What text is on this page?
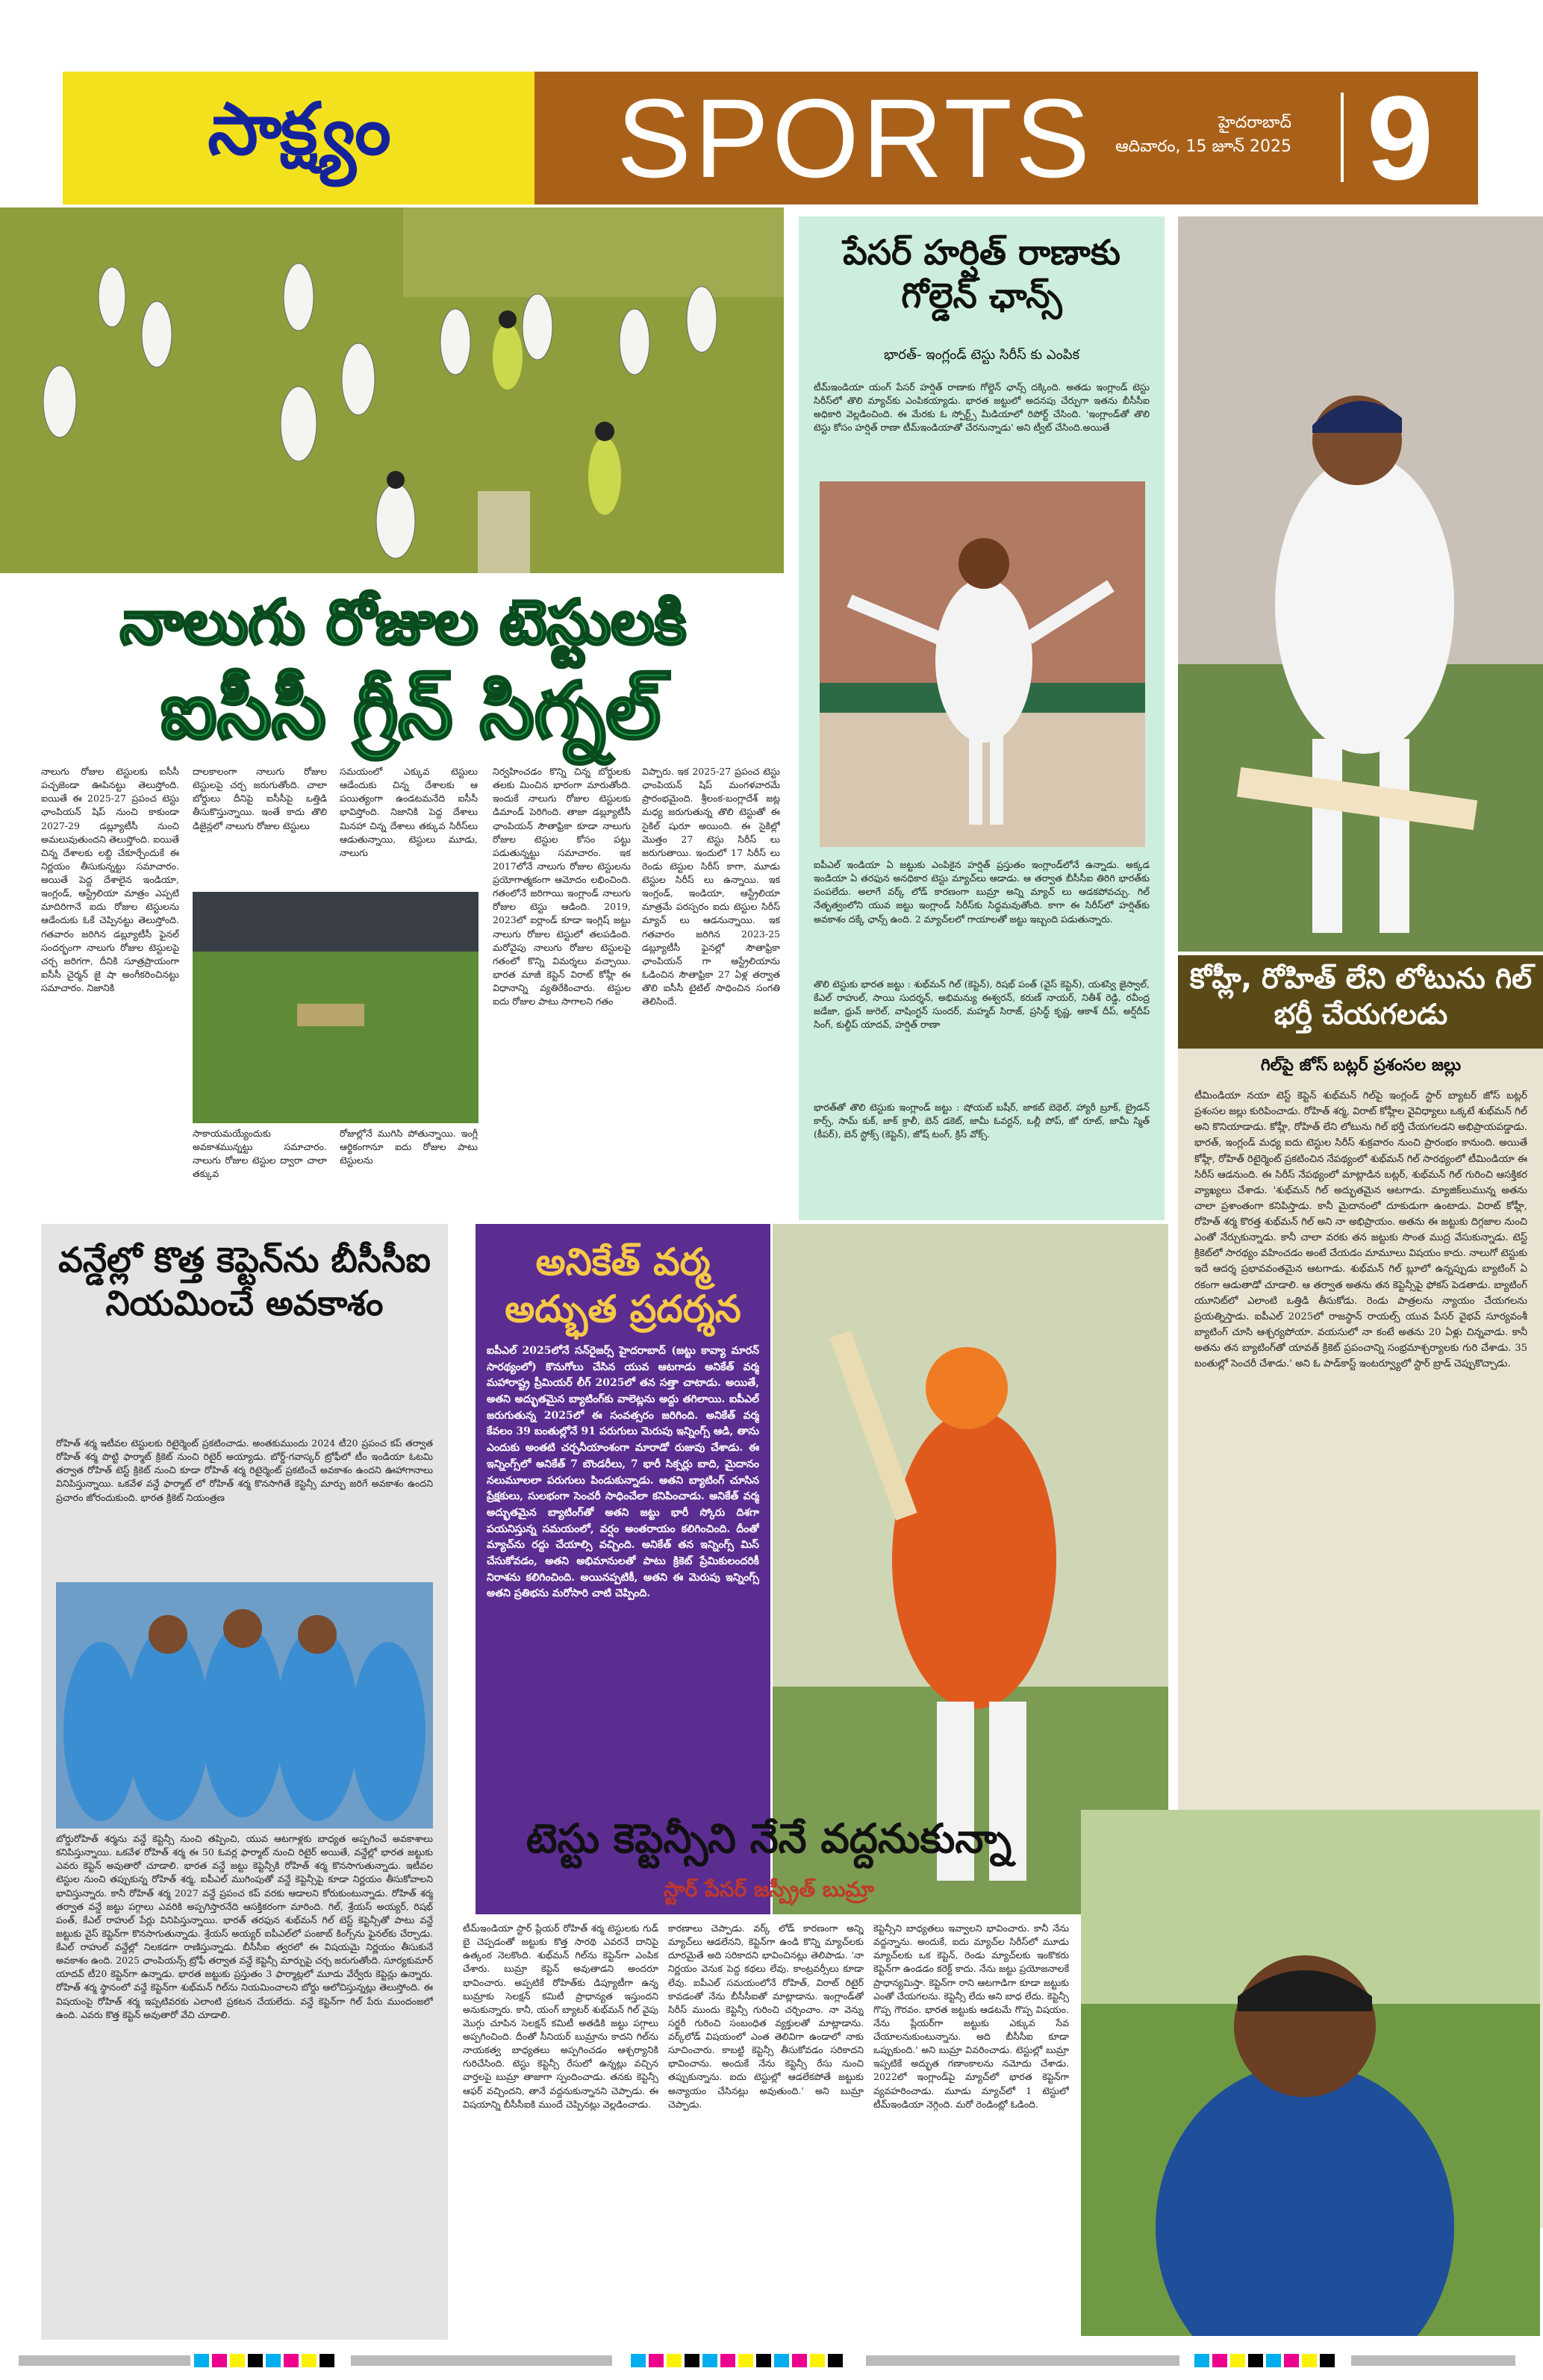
సాక్ష్యం	SPORTS	హైదరాబాద్
ఆదివారం, 15 జూన్ 2025 9
నాలుగు రోజుల టెస్టులకి
ఐసీసీ గ్రీన్ సిగ్నల్
నాలుగు రోజుల టెస్టులకు ఐసీసీ పచ్చజెండా ఊపినట్టు తెలుస్తోంది. ఐయితే ఈ 2025-27 ప్రపంచ టెస్టు ఛాంపియన్ షిప్ నుంచి కాకుండా 2027-29 డబ్ల్యూటీసీ నుంచి అమలువుతుందని తెలుస్తోంది. ఐయితే చిన్న దేశాలకు లబ్ది చేకూర్చేందుకే ఈ నిర్ణయం తీసుకున్నట్టు సమాచారం. అయితే పెద్ద దేశాలైన ఇండియా, ఇంగ్లండ్, ఆస్ట్రేలియా మాత్రం ఎప్పటి మాదిరిగానే ఐదు రోజుల టెస్టులను ఆడేందుకు ఓకే చెప్పినట్టు తెలుస్తోంది. గతవారం జరిగిన డబ్ల్యూటీసీ ఫైనల్ సందర్భంగా నాలుగు రోజుల టెస్టులపై చర్చ జరిగగా, దీనికి సూత్రప్రాయంగా ఐసీసీ చైర్మన్ జై షా అంగీకరించినట్టు సమాచారం. నిజానికి
దాలకాలంగా నాలుగు రోజుల టెస్టులపై చర్చ జరుగుతోంది. చాలా బోర్డులు దీనిపై ఐసీసీపై ఒత్తిడి తీసుకొస్తున్నాయి. ఇంతే కాదు తొలి డిజైన్లలో నాలుగు రోజుల టెస్టులు
సమయంలో ఎక్కువ టెస్టులు ఆడేందుకు చిన్న దేశాలకు ఆ పయిత్యంగా ఉండటమనేది ఐసీసీ భావిస్తోంది. నిజానికి పెద్ద దేశాలు మినహా చిన్న దేశాలు తక్కువ సిరీస్‌లు ఆడుతున్నాయి, టెస్టులు మూడు, నాలుగు
సాకాయమయ్యేందుకు అవకాశమున్నట్టు సమాచారం. నాలుగు రోజుల టెస్టుల ద్వారా చాలా తక్కువ
రోజుల్లోనే ముగిసి పోతున్నాయి. ఇంగ్లీ ఆర్థికంగానూ ఐదు రోజుల పాటు టెస్టులను
నిర్వహించడం కొన్ని చిన్న బోర్డులకు తలకు మించిన భారంగా మారుతోంది. ఇందుకే నాలుగు రోజుల టెస్టులకు డిమాండ్ పెరిగింది. తాజా డబ్ల్యూటీసీ ఛాంపియన్ సౌతాఫ్రికా కూడా నాలుగు రోజుల టెస్టుల కోసం పట్టు పడుతున్నట్టు సమాచారం. ఇక 2017లోనే నాలుగు రోజుల టెస్టులను ప్రయోగాత్మకంగా ఆమోదం లభించింది. గతంలోనే జరిగాయి ఇంగ్లాండ్ నాలుగు రోజుల టెస్టు ఆడింది. 2019, 2023లో ఐర్లాండ్ కూడా ఇంగ్లిష్ జట్టు నాలుగు రోజుల టెస్టులో తలపడింది. మరోవైపు నాలుగు రోజుల టెస్టులపై గతంలో కొన్ని విమర్శలు వచ్చాయి. భారత మాజీ కెప్టెన్ విరాట్ కోహ్లీ ఈ విధానాన్ని వ్యతిరేకించారు. టెస్టుల ఐదు రోజుల పాటు సాగాలని గతం
విప్పారు. ఇక 2025-27 ప్రపంచ టెస్టు ఛాంపియన్ షిప్ మంగళవారమే ప్రారంభమైంది. శ్రీలంక-బంగ్లాదేశ్ జట్ల మధ్య జరుగుతున్న తొలి టెస్టుతో ఈ సైకిల్ షురూ అయింది. ఈ సైకిల్లో మొత్తం 27 టెస్టు సిరీస్ లు జరుగుతాయి. ఇందులో 17 సిరీస్ లు రెండు టెస్టుల సిరీస్ కాగా, మూడు టెస్టుల సిరీస్ లు ఉన్నాయి. ఇక ఇంగ్లండ్, ఇండియా, ఆస్ట్రేలియా మాత్రమే పరస్పరం ఐదు టెస్టుల సిరీస్ మ్యాచ్ లు ఆడనున్నాయి. ఇక గతవారం జరిగిన 2023-25 డబ్ల్యూటీసీ ఫైనల్లో సౌతాఫ్రికా ఛాంపియన్ గా ఆస్ట్రేలియాను ఓడించిన సౌతాఫ్రికా 27 ఏళ్ల తర్వాత తొలి ఐసీసీ టైటిల్ సాధించిన సంగతి తెలిసిందే.
పేసర్ హర్షిత్ రాణాకు గోల్డెన్ ఛాన్స్
భారత్- ఇంగ్లండ్ టెస్టు సిరీస్ కు ఎంపిక
టీమ్ఇండియా యంగ్ పేసర్ హర్షిత్ రాణాకు గోల్డెన్ ఛాన్స్ దక్కింది. అతడు ఇంగ్లాండ్ టెస్టు సిరీస్‌లో తొలి మ్యాచ్‌కు ఎంపికయ్యాడు. భారత జట్టులో అదనపు చేర్పుగా ఇతను బీసీసీఐ అధికారి వెల్లడించింది. ఈ మేరకు ఓ స్పోర్ట్స్ మీడియాలో రిపోర్ట్ చేసింది. 'ఇంగ్లాండ్‌తో తొలి టెస్టు కోసం హర్షిత్ రాణా టీమ్‌ఇండియాతో చేరనున్నాడు' అని ట్వీట్ చేసింది.అయితే
ఐపీఎల్ ఇండియా ఏ జట్టుకు ఎంపికైన హర్షిత్ ప్రస్తుతం ఇంగ్లాండ్‌లోనే ఉన్నాడు. అక్కడ ఇండియా ఏ తరఫున అనధికార టెస్టు మ్యాచ్‌లు ఆడాడు. ఆ తర్వాత బీసీసీఐ తిరిగి భారత్‌కు పంపలేదు. అలాగే వర్క్ లోడ్ కారణంగా బుమ్రా అన్ని మ్యాచ్ లు ఆడకపోవచ్చు. గిల్ నేతృత్వంలోని యువ జట్టు ఇంగ్లాండ్ సిరీస్‌కు సిద్ధమవుతోంది. కాగా ఈ సిరీస్‌లో హర్షిత్‌కు అవకాశం దక్కే ఛాన్స్ ఉంది. 2 మ్యాచ్‌లలో గాయాలతో జట్టు ఇబ్బంది పడుతున్నారు.
తొలి టెస్టుకు భారత జట్టు : శుభ్‌మన్ గిల్ (కెప్టెన్), రిషభ్ పంత్ (వైస్ కెప్టెన్), యశస్వి జైస్వాల్, కేఎల్ రాహుల్, సాయి సుదర్శన్, అభిమన్యు ఈశ్వరన్, కరుణ్ నాయర్, నితీశ్ రెడ్డి, రవీంద్ర జడేజా, ధ్రువ్ జురెల్, వాషింగ్టన్ సుందర్, మహ్మద్ సిరాజ్, ప్రసిద్ధ్ కృష్ణ, ఆకాశ్ దీప్, అర్ష్‌దీప్ సింగ్, కుల్దీప్ యాదవ్, హర్షిత్ రాణా
భారత్‌తో తొలి టెస్టుకు ఇంగ్లాండ్ జట్టు : షోయబ్ బషీర్, జాకబ్ బెథెల్, హ్యారీ బ్రూక్, బ్రైడన్ కార్స్, సామ్ కుక్, జాక్ క్రాలీ, బెన్ డకెట్, జామీ ఓవర్టన్, ఒల్లీ పోప్, జో రూట్, జామీ స్మిత్ (కీపర్), బెన్ స్టోక్స్ (కెప్టెన్), జోష్ టంగ్, క్రిస్ వోక్స్.
కోహ్లీ, రోహిత్ లేని లోటును గిల్ భర్తీ చేయగలడు
గిల్‌పై జోస్ బట్లర్ ప్రశంసల జల్లు
టీమిండియా నయా టెస్ట్ కెప్టెన్ శుభ్‌మన్ గిల్‌పై ఇంగ్లండ్ స్టార్ బ్యాటర్ జోస్ బట్లర్ ప్రశంసల జల్లు కురిపించాడు. రోహిత్ శర్మ, విరాట్ కోహ్లీల వైవిధ్యాలు ఒక్కటే శుభ్‌మన్ గిల్ అని కొనియాడాడు. కోహ్లీ, రోహిత్ లేని లోటును గిల్ భర్తీ చేయగలడని అభిప్రాయపడ్డాడు. భారత్, ఇంగ్లండ్ మధ్య ఐదు టెస్టుల సిరీస్ శుక్రవారం నుంచి ప్రారంభం కానుంది. అయితే కోహ్లీ, రోహిత్ రిటైర్మెంట్ ప్రకటించిన నేపథ్యంలో శుభ్‌మన్ గిల్ సారథ్యంలో టీమిండియా ఈ సిరీస్ ఆడనుంది. ఈ సిరీస్ నేపథ్యంలో మాట్లాడిన బట్లర్, శుభ్‌మన్ గిల్ గురించి ఆసక్తికర వ్యాఖ్యలు చేశాడు. 'శుభ్‌మన్ గిల్ అద్భుతమైన ఆటగాడు. మ్యాజిక్‌లుమున్న అతను చాలా ప్రశాంతంగా కనిపిస్తాడు. కానీ మైదానంలో దూకుడుగా ఉంటాడు. విరాట్ కోహ్లీ, రోహిత్ శర్మ కొరత్త శుభ్‌మన్ గిల్ అని నా అభిప్రాయం. అతను ఈ జట్టుకు దిగ్గజాల నుంచి ఎంతో నేర్చుకున్నాడు. కానీ చాలా వరకు తన జట్టుకు సొంత ముద్ర వేసుకున్నాడు. టెస్ట్ క్రికెట్‌లో సారథ్యం వహించడం అంటే చేయడం మామూలు విషయం కాదు. నాలుగో టెస్టుకు ఇదే ఆదర్శ ప్రభావవంతమైన ఆటగాడు. శుభ్‌మన్ గిల్ బ్లూలో ఉన్నప్పుడు బ్యాటింగ్ ఏ రకంగా ఆడుతాడో చూడాలి. ఆ తర్వాత అతను తన కెప్టెన్సీపై ఫోకస్ పెడతాడు. బ్యాటింగ్ యూనిట్‌లో ఎలాంటి ఒత్తిడి తీసుకోడు. రెండు పాత్రలను న్యాయం చేయగలను ప్రయత్నిస్తాడు. ఐపీఎల్ 2025లో రాజస్థాన్ రాయల్స్ యువ పేసర్ వైభవ్ సూర్యవంశీ బ్యాటింగ్ చూసి ఆశ్చర్యపోయా. వయసులో నా కంటే అతను 20 ఏళ్లు చిన్నవాడు. కానీ అతను తన బ్యాటింగ్‌తో యావత్ క్రికెట్ ప్రపంచాన్ని సంభ్రమాశ్చర్యాలకు గురి చేశాడు. 35 బంతుల్లో సెంచరీ చేశాడు.' అని ఓ పాడ్‌కాస్ట్ ఇంటర్వ్యూలో స్టార్ బ్రాడ్ చెప్పుకొచ్చాడు.
వన్డేల్లో కొత్త కెప్టెన్‌ను బీసీసీఐ నియమించే అవకాశం
రోహిత్ శర్మ ఇటీవల టెస్టులకు రిటైర్మెంట్ ప్రకటించాడు. అంతకుముందు 2024 టీ20 ప్రపంచ కప్ తర్వాత రోహిత్ శర్మ పొట్టి ఫార్మాట్ క్రికెట్ నుంచి రిటైర్ అయ్యాడు. బోర్డ్-గవాస్కర్ ట్రోఫీలో టీం ఇండియా ఓటమి తర్వాత రోహిత్ టెస్ట్ క్రికెట్ నుంచి కూడా రోహిత్ శర్మ రిటైర్మెంట్ ప్రకటించే అవకాశం ఉందని ఊహాగానాలు వినిపిస్తున్నాయి. ఒకవేళ వన్డే ఫార్మాట్ లో రోహిత్ శర్మ కొనసాగితే కెప్టెన్సీ మార్పు జరిగే అవకాశం ఉందని ప్రచారం జోరందుకుంది. భారత క్రికెట్ నియంత్రణ
బోర్డురోహిత్ శర్మను వన్డే కెప్టెన్సీ నుంచి తప్పించి, యువ ఆటగాళ్లకు బాధ్యత అప్పగించే అవకాశాలు కనిపిస్తున్నాయి. ఒకవేళ రోహిత్ శర్మ ఈ 50 ఓవర్ల ఫార్మాట్ నుంచి రిటైర్ అయితే, వన్డేల్లో భారత జట్టుకు ఎవరు కెప్టెన్ అవుతారో చూడాలి. భారత వన్డే జట్టు కెప్టెన్సీకి రోహిత్ శర్మ కొనసాగుతున్నాడు. ఇటీవల టెస్టుల నుంచి తప్పుకున్న రోహిత్ శర్మ, ఐపీఎల్ ముగింపుతో వన్డే కెప్టెన్సీపై కూడా నిర్ణయం తీసుకోవాలని భావిస్తున్నారు. కానీ రోహిత్ శర్మ 2027 వన్డే ప్రపంచ కప్ వరకు ఆడాలని కోరుకుంటున్నాడు. రోహిత్ శర్మ తర్వాత వన్డే జట్టు పగ్గాలు ఎవరికి అప్పగిస్తారనేది ఆసక్తికరంగా మారింది. గిల్, శ్రేయస్ అయ్యర్, రిషభ్ పంత్, కేఎల్ రాహుల్ పేర్లు వినిపిస్తున్నాయి. భారత్ తరఫున శుభ్‌మన్ గిల్ టెస్ట్ కెప్టెన్సీతో పాటు వన్డే జట్టుకు వైస్ కెప్టెన్‌గా కొనసాగుతున్నాడు. శ్రేయస్ అయ్యర్ ఐపీఎల్‌లో పంజాబ్ కింగ్స్‌ను ఫైనల్‌కు చేర్చాడు. కేఎల్ రాహుల్ వన్డేల్లో నిలకడగా రాణిస్తున్నాడు. బీసీసీఐ త్వరలో ఈ విషయమై నిర్ణయం తీసుకునే అవకాశం ఉంది. 2025 ఛాంపియన్స్ ట్రోఫీ తర్వాత వన్డే కెప్టెన్సీ మార్పుపై చర్చ జరుగుతోంది. సూర్యకుమార్ యాదవ్ టీ20 కెప్టెన్‌గా ఉన్నాడు. భారత జట్టుకు ప్రస్తుతం 3 ఫార్మాట్లలో మూడు వేర్వేరు కెప్టెన్లు ఉన్నారు. రోహిత్ శర్మ స్థానంలో వన్డే కెప్టెన్‌గా శుభ్‌మన్ గిల్‌ను నియమించాలని బోర్డు ఆలోచిస్తున్నట్లు తెలుస్తోంది. ఈ విషయంపై రోహిత్ శర్మ ఇప్పటివరకు ఎలాంటి ప్రకటన చేయలేదు. వన్డే కెప్టెన్‌గా గిల్ పేరు ముందంజలో ఉంది. ఎవరు కొత్త కెప్టెన్ అవుతారో వేచి చూడాలి.
అనికేత్ వర్మ అద్భుత ప్రదర్శన
ఐపీఎల్ 2025లోనే సన్‌రైజర్స్ హైదరాబాద్ (జట్టు కావ్యా మారన్ సారథ్యంలో) కొనుగోలు చేసిన యువ ఆటగాడు అనికేత్ వర్మ మహారాష్ట్ర ప్రీమియర్ లీగ్ 2025లో తన సత్తా చాటాడు. అయితే, అతని అద్భుతమైన బ్యాటింగ్‌కు వాలెట్లను అద్దు తగిలాయి. ఐపీఎల్ జరుగుతున్న 2025లో ఈ సంవత్సరం జరిగింది. అనికేత్ వర్మ కేవలం 39 బంతుల్లోనే 91 పరుగులు మెరుపు ఇన్నింగ్స్ ఆడి, తాను ఎందుకు అంతటి చర్చనీయాంశంగా మారాడో రుజువు చేశాడు. ఈ ఇన్నింగ్స్‌లో అనికేత్ 7 బౌండరీలు, 7 భారీ సిక్సర్లు బాది, మైదానం నలుమూలలా పరుగులు పిండుకున్నాడు. అతని బ్యాటింగ్ చూసిన ప్రేక్షకులు, సులభంగా సెంచరీ సాధించేలా కనిపించాడు. అనికేత్ వర్మ అద్భుతమైన బ్యాటింగ్‌తో అతని జట్టు భారీ స్కోరు దిశగా పయనిస్తున్న సమయంలో, వర్షం అంతరాయం కలిగించింది. దీంతో మ్యాచ్‌ను రద్దు చేయాల్సి వచ్చింది. అనికేత్ తన ఇన్నింగ్స్ మిస్ చేసుకోవడం, అతని అభిమానులతో పాటు క్రికెట్ ప్రేమికులందరికీ నిరాశను కలిగించింది. అయినప్పటికీ, అతని ఈ మెరుపు ఇన్నింగ్స్ అతని ప్రతిభను మరోసారి చాటి చెప్పింది.
టెస్టు కెప్టెన్సీని నేనే వద్దనుకున్నా
స్టార్ పేసర్ జస్ప్రీత్ బుమ్రా
టీమ్ఇండియా స్టార్ ప్లేయర్ రోహిత్ శర్మ టెస్టులకు గుడ్ బై చెప్పడంతో జట్టుకు కొత్త సారథి ఎవరనే దానిపై ఉత్కంఠ నెలకొంది. శుభ్‌మన్ గిల్‌ను కెప్టెన్‌గా ఎంపిక చేశారు. బుమ్రా కెప్టెన్ అవుతాడని అందరూ భావించారు. అప్పటికే రోహిత్‌కు డిప్యూటీగా ఉన్న బుమ్రాకు సెలక్షన్ కమిటీ ప్రాధాన్యత ఇస్తుందని అనుకున్నారు. కానీ, యంగ్ బ్యాటర్ శుభ్‌మన్ గిల్ వైపు మొగ్గు చూపిన సెలక్షన్ కమిటీ అతడికి జట్టు పగ్గాలు అప్పగించింది. దీంతో సీనియర్ బుమ్రాను కాదని గిల్‌ను నాయకత్వ బాధ్యతలు అప్పగించడం ఆశ్చర్యానికి గురిచేసింది. టెస్టు కెప్టెన్సీ రేసులో ఉన్నట్లు వచ్చిన వార్తలపై బుమ్రా తాజాగా స్పందించాడు. తనకు కెప్టెన్సీ ఆఫర్ వచ్చిందని, తానే వద్దనుకున్నానని చెప్పాడు. ఈ విషయాన్ని బీసీసీఐకి ముందే చెప్పినట్లు వెల్లడించాడు.
కారణాలు చెప్పాడు. వర్క్‌ లోడ్ కారణంగా అన్ని మ్యాచ్‌లు ఆడలేనని, కెప్టెన్‌గా ఉండి కొన్ని మ్యాచ్‌లకు దూరమైతే అది సరికాదని భావించినట్లు తెలిపాడు. 'నా నిర్ణయం వెనుక పెద్ద కథలు లేవు. కాంట్రవర్సీలు కూడా లేవు. ఐపీఎల్ సమయంలోనే రోహిత్, విరాట్ రిటైర్ కావడంతో నేను బీసీసీఐతో మాట్లాడాను. ఇంగ్లాండ్‌తో సిరీస్ ముందు కెప్టెన్సీ గురించి చర్చించాం. నా వెన్ను సర్జరీ గురించి సంబంధిత వ్యక్తులతో మాట్లాడాను. వర్క్‌లోడ్ విషయంలో ఎంత తెలివిగా ఉండాలో నాకు సూచించారు. కాబట్టి కెప్టెన్సీ తీసుకోవడం సరికాదని భావించాను. అందుకే నేను కెప్టెన్సీ రేసు నుంచి తప్పుకున్నాను. ఐదు టెస్టుల్లో ఆడలేకపోతే జట్టుకు అన్యాయం చేసినట్లు అవుతుంది.' అని బుమ్రా చెప్పాడు.
కెప్టెన్సీని బాధ్యతలు ఇవ్వాలని భావించారు. కానీ నేను వద్దన్నాను. అందుకే, ఐదు మ్యాచ్‌ల సిరీస్‌లో మూడు మ్యాచ్‌లకు ఒక కెప్టెన్, రెండు మ్యాచ్‌లకు ఇంకొకరు కెప్టెన్‌గా ఉండడం కరెక్ట్ కాదు. నేను జట్టు ప్రయోజనాలకే ప్రాధాన్యమిస్తా. కెప్టెన్‌గా రాని ఆటగాడిగా కూడా జట్టుకు ఎంతో చేయగలను. కెప్టెన్సీ లేదు అని బాధ లేదు. కెప్టెన్సీ గొప్ప గౌరవం. భారత జట్టుకు ఆడటమే గొప్ప విషయం. నేను ప్లేయర్‌గా జట్టుకు ఎక్కువ సేవ చేయాలనుకుంటున్నాను. అది బీసీసీఐ కూడా ఒప్పుకుంది.' అని బుమ్రా వివరించాడు. టెస్టుల్లో బుమ్రా ఇప్పటికే అద్భుత గణాంకాలను నమోదు చేశాడు. 2022లో ఇంగ్లాండ్‌పై మ్యాచ్‌లో భారత కెప్టెన్‌గా వ్యవహరించాడు. మూడు మ్యాచ్‌లో 1 టెస్టులో టీమ్‌ఇండియా నెగ్గింది. మరో రెండింట్లో ఓడింది.
